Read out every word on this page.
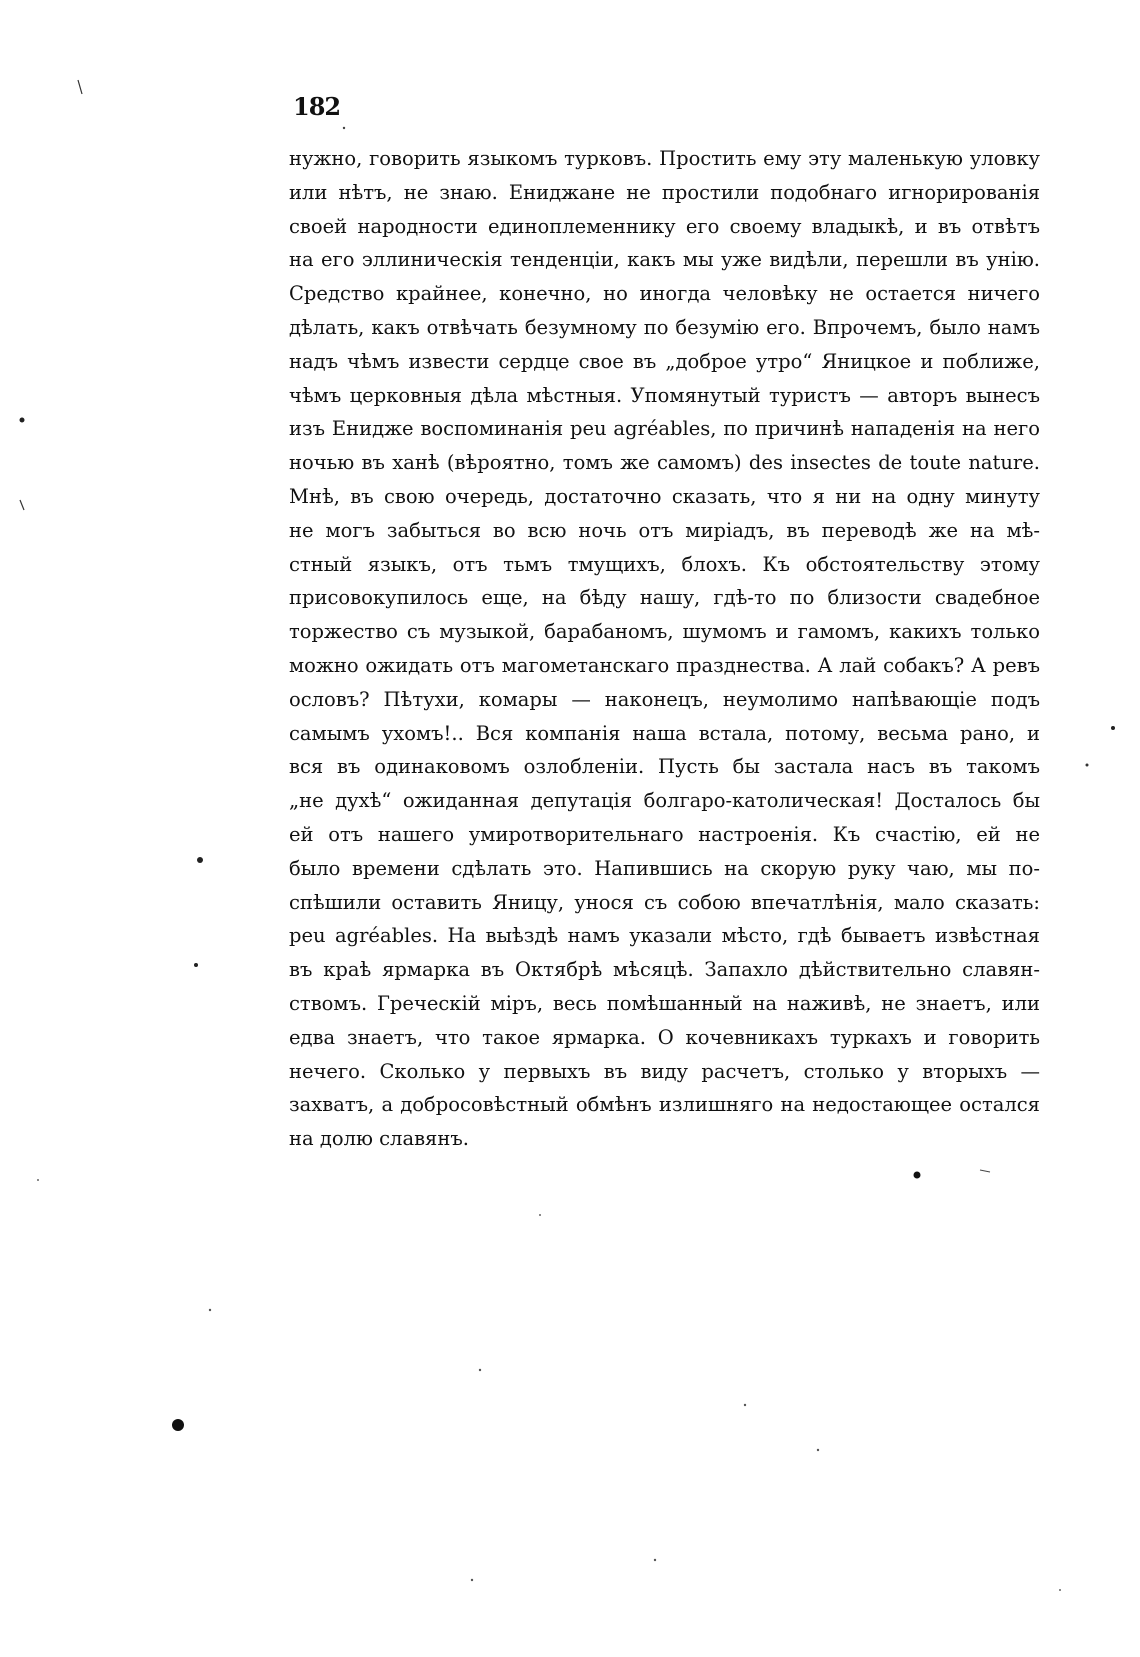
182
нужно, говорить языкомъ турковъ. Простить ему эту маленькую уловку
или нѣтъ, не знаю. Ениджане не простили подобнаго игнорированія
своей народности единоплеменнику его своему владыкѣ, и въ отвѣтъ
на его эллиническія тенденціи, какъ мы уже видѣли, перешли въ унію.
Средство крайнее, конечно, но иногда человѣку не остается ничего
дѣлать, какъ отвѣчать безумному по безумію его. Впрочемъ, было намъ
надъ чѣмъ извести сердце свое въ „доброе утро“ Яницкое и поближе,
чѣмъ церковныя дѣла мѣстныя. Упомянутый туристъ — авторъ вынесъ
изъ Енидже воспоминанія peu agréables, по причинѣ нападенія на него
ночью въ ханѣ (вѣроятно, томъ же самомъ) des insectes de toute nature.
Мнѣ, въ свою очередь, достаточно сказать, что я ни на одну минуту
не могъ забыться во всю ночь отъ миріадъ, въ переводѣ же на мѣ-
стный языкъ, отъ тьмъ тмущихъ, блохъ. Къ обстоятельству этому
присовокупилось еще, на бѣду нашу, гдѣ-то по близости свадебное
торжество съ музыкой, барабаномъ, шумомъ и гамомъ, какихъ только
можно ожидать отъ магометанскаго празднества. А лай собакъ? А ревъ
ословъ? Пѣтухи, комары — наконецъ, неумолимо напѣвающіе подъ
самымъ ухомъ!.. Вся компанія наша встала, потому, весьма рано, и
вся въ одинаковомъ озлобленіи. Пусть бы застала насъ въ такомъ
„не духѣ“ ожиданная депутація болгаро-католическая! Досталось бы
ей отъ нашего умиротворительнаго настроенія. Къ счастію, ей не
было времени сдѣлать это. Напившись на скорую руку чаю, мы по-
спѣшили оставить Яницу, унося съ собою впечатлѣнія, мало сказать:
peu agréables. На выѣздѣ намъ указали мѣсто, гдѣ бываетъ извѣстная
въ краѣ ярмарка въ Октябрѣ мѣсяцѣ. Запахло дѣйствительно славян-
ствомъ. Греческій міръ, весь помѣшанный на наживѣ, не знаетъ, или
едва знаетъ, что такое ярмарка. О кочевникахъ туркахъ и говорить
нечего. Сколько у первыхъ въ виду расчетъ, столько у вторыхъ —
захватъ, а добросовѣстный обмѣнъ излишняго на недостающее остался
на долю славянъ.
